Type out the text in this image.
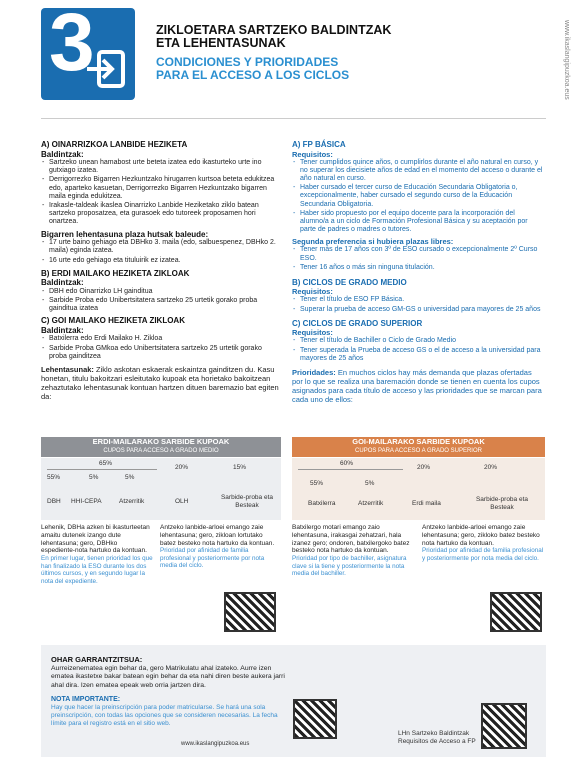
3	ZIKLOETARA SARTZEKO BALDINTZAK
ETA LEHENTASUNAK
CONDICIONES Y PRIORIDADES
PARA EL ACCESO A LOS CICLOS	www.ikaslangipuzkoa.eus
A) OINARRIZKOA LANBIDE HEZIKETA
Baldintzak:
- Sartzeko unean hamabost urte beteta izatea edo ikasturteko urte ino gutxiago izatea.
- Derrigorrezko Bigarren Hezkuntzako hirugarren kurtsoa beteta edukitzea edo, aparteko kasuetan, Derrigorrezko Bigarren Hezkuntzako bigarren maila eginda edukitzea.
- Irakasle-taldeak ikaslea Oinarrizko Lanbide Heziketako ziklo batean sartzeko proposatzea, eta gurasoek edo tutoreek proposamen hori onartzea.
Bigarren lehentasuna plaza hutsak baleude:
- 17 urte baino gehiago eta DBHko 3. maila (edo, salbuespenez, DBHko 2. maila) eginda izatea.
- 16 urte edo gehiago eta tituluirik ez izatea.
B) ERDI MAILAKO HEZIKETA ZIKLOAK
Baldintzak:
- DBH edo Oinarrizko LH gainditua
- Sarbide Proba edo Unibertsitatera sartzeko 25 urtetik gorako proba gainditua izatea
C) GOI MAILAKO HEZIKETA ZIKLOAK
Baldintzak:
- Batxilerra edo Erdi Mailako H. Zikloa
- Sarbide Proba GMkoa edo Unibertsitatera sartzeko 25 urtetik gorako proba gainditzea
Lehentasunak: Ziklo askotan eskaerak eskaintza gainditzen du. Kasu honetan, titulu bakoitzari esleitutako kupoak eta horietako bakoitzean zehaztutako lehentasunak kontuan hartzen dituen baremazio bat egiten da:
A) FP BÁSICA
Requisitos:
- Tener cumplidos quince años, o cumplirlos durante el año natural en curso, y no superar los diecisiete años de edad en el momento del acceso o durante el año natural en curso.
- Haber cursado el tercer curso de Educación Secundaria Obligatoria o, excepcionalmente, haber cursado el segundo curso de la Educación Secundaria Obligatoria.
- Haber sido propuesto por el equipo docente para la incorporación del alumno/a a un ciclo de Formación Profesional Básica y su aceptación por parte de padres o madres o tutores.
Segunda preferencia si hubiera plazas libres:
- Tener más de 17 años con 3º de ESO cursado o excepcionalmente 2º Curso ESO.
- Tener 16 años o más sin ninguna titulación.
B) CICLOS DE GRADO MEDIO
Requisitos:
- Tener el título de ESO FP Básica.
- Superar la prueba de acceso GM-GS o universidad para mayores de 25 años
C) CICLOS DE GRADO SUPERIOR
Requisitos:
- Tener el título de Bachiller o Ciclo de Grado Medio
- Tener superada la Prueba de acceso GS o el de acceso a la universidad para mayores de 25 años
Prioridades: En muchos ciclos hay más demanda que plazas ofertadas por lo que se realiza una baremación donde se tienen en cuenta los cupos asignados para cada título de acceso y las prioridades que se marcan para cada uno de ellos:
ERDI-MAILARAKO SARBIDE KUPOAK
CUPOS PARA ACCESO A GRADO MEDIO
GOI-MAILARAKO SARBIDE KUPOAK
CUPOS PARA ACCESO A GRADO SUPERIOR
65%
55%	5%	5%
20%	15%
DBH HHI-CEPA	Atzerritik	OLH
Sarbide-proba eta Besteak
60%
55%	5%
20%	20%
Batxilerra	Atzerritik	Erdi maila
Sarbide-proba eta Besteak
Lehenik, DBHa azken bi ikasturteetan amaitu dutenek izango dute lehentasuna; gero, DBHko espediente-nota hartuko da kontuan.
En primer lugar, tienen prioridad los que han finalizado la ESO durante los dos últimos cursos, y en segundo lugar la nota del expediente.
Antzeko lanbide-arloei emango zaie lehentasuna; gero, zikloan lortutako batez besteko nota hartuko da kontuan.
Prioridad por afinidad de familia profesional y posteriormente por nota media del ciclo.
Batxilergo motari emango zaio lehentasuna, irakasgai zehatzari, hala izanez gero; ondoren, batxilergoko batez besteko nota hartuko da kontuan.
Prioridad por tipo de bachiller, asignatura clave si la tiene y posteriormente la nota media del bachiller.
Antzeko lanbide-arloei emango zaie lehentasuna; gero, zikloko batez besteko nota hartuko da kontuan.
Prioridad por afinidad de familia profesional y posteriormente por nota media del ciclo.
OHAR GARRANTZITSUA:
Aurreizenematea egin behar da, gero Matrikulatu ahal izateko. Aurre izen ematea ikastetxe bakar batean egin behar da eta nahi diren beste aukera jarri ahal dira. Izen ematea epeak web orria jartzen dira.
NOTA IMPORTANTE:
Hay que hacer la preinscripción para poder matricularse. Se hará una sola preinscripción, con todas las opciones que se consideren necesarias. La fecha límite para el registro está en el sitio web.
www.ikaslangipuzkoa.eus
LHn Sartzeko Baldintzak
Requisitos de Acceso a FP
